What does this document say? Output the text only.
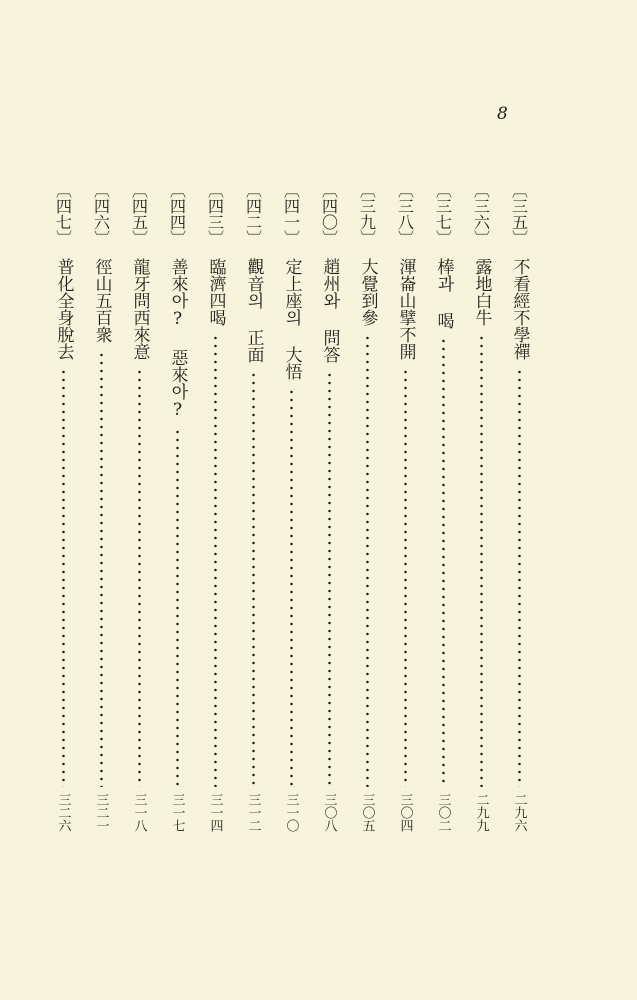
8
〔三五〕
不看經不學禪
二九六
〔三六〕
露地白牛
二九九
〔三七〕
棒과 喝
三〇二
〔三八〕
渾崙山擘不開
三〇四
〔三九〕
大覺到參
三〇五
〔四〇〕
趙州와 問答
三〇八
〔四一〕
定上座의 大悟
三一〇
〔四二〕
觀音의 正面
三一二
〔四三〕
臨濟四喝
三一四
〔四四〕
善來아? 惡來아?
三一七
〔四五〕
龍牙問西來意
三一八
〔四六〕
徑山五百衆
三二一
〔四七〕
普化全身脫去
三二六
